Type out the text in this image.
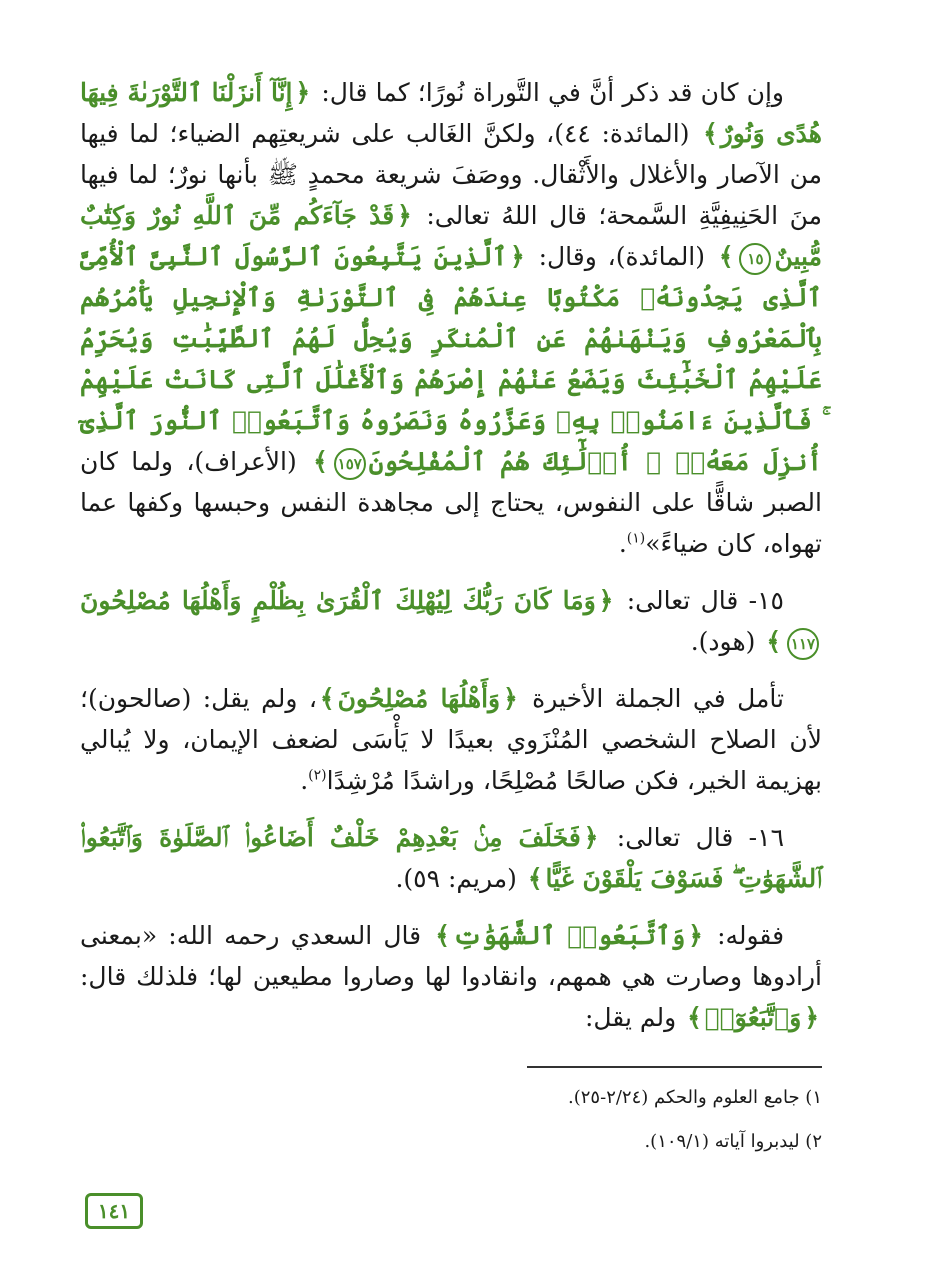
وإن كان قد ذكر أنَّ في التَّوراة نُورًا؛ كما قال: ﴿إِنَّآ أَنزَلْنَا ٱلتَّوْرَىٰةَ فِيهَا هُدًى وَنُورٌ﴾ (المائدة: ٤٤)، ولكنَّ الغَالب على شريعتِهم الضياء؛ لما فيها من الآصار والأغلال والأَثْقال. ووصَفَ شريعة محمدٍ ﷺ بأنها نورٌ؛ لما فيها منَ الحَنِيفِيَّةِ السَّمحة؛ قال اللهُ تعالى: ﴿قَدْ جَآءَكُم مِّنَ ٱللَّهِ نُورٌ وَكِتَٰبٌ مُّبِينٌ١٥﴾ (المائدة)، وقال: ﴿ٱلَّذِينَ يَتَّبِعُونَ ٱلرَّسُولَ ٱلنَّبِىَّ ٱلْأُمِّىَّ ٱلَّذِى يَجِدُونَهُۥ مَكْتُوبًا عِندَهُمْ فِى ٱلتَّوْرَىٰةِ وَٱلْإِنجِيلِ يَأْمُرُهُم بِٱلْمَعْرُوفِ وَيَنْهَىٰهُمْ عَنِ ٱلْمُنكَرِ وَيُحِلُّ لَهُمُ ٱلطَّيِّبَٰتِ وَيُحَرِّمُ عَلَيْهِمُ ٱلْخَبَٰٓئِثَ وَيَضَعُ عَنْهُمْ إِصْرَهُمْ وَٱلْأَغْلَٰلَ ٱلَّتِى كَانَتْ عَلَيْهِمْ ۚ فَٱلَّذِينَ ءَامَنُوا۟ بِهِۦ وَعَزَّرُوهُ وَنَصَرُوهُ وَٱتَّبَعُوا۟ ٱلنُّورَ ٱلَّذِىٓ أُنزِلَ مَعَهُۥٓ ۙ أُو۟لَٰٓئِكَ هُمُ ٱلْمُفْلِحُونَ١٥٧﴾ (الأعراف)، ولما كان الصبر شاقًّا على النفوس، يحتاج إلى مجاهدة النفس وحبسها وكفها عما تهواه، كان ضياءً»$^{(١)}$.

١٥- قال تعالى: ﴿وَمَا كَانَ رَبُّكَ لِيُهْلِكَ ٱلْقُرَىٰ بِظُلْمٍ وَأَهْلُهَا مُصْلِحُونَ١١٧﴾ (هود).

تأمل في الجملة الأخيرة ﴿وَأَهْلُهَا مُصْلِحُونَ﴾، ولم يقل: (صالحون)؛ لأن الصلاح الشخصي المُنْزَوي بعيدًا لا يَأْسَى لضعف الإيمان، ولا يُبالي بهزيمة الخير، فكن صالحًا مُصْلِحًا، وراشدًا مُرْشِدًا$^{(٢)}$.

١٦- قال تعالى: ﴿فَخَلَفَ مِنۢ بَعْدِهِمْ خَلْفٌ أَضَاعُوا۟ ٱلصَّلَوٰةَ وَٱتَّبَعُوا۟ ٱلشَّهَوَٰتِ ۖ فَسَوْفَ يَلْقَوْنَ غَيًّا﴾ (مريم: ٥٩).

فقوله: ﴿وَٱتَّبَعُوا۟ ٱلشَّهَوَٰتِ﴾ قال السعدي رحمه الله: «بمعنى أرادوها وصارت هي همهم، وانقادوا لها وصاروا مطيعين لها؛ فلذلك قال: ﴿وَٱتَّبَعُوٓا۟﴾ ولم يقل:

١) جامع العلوم والحكم (٢/٢٤-٢٥).

٢) ليدبروا آياته (١٠٩/١).

١٤١
